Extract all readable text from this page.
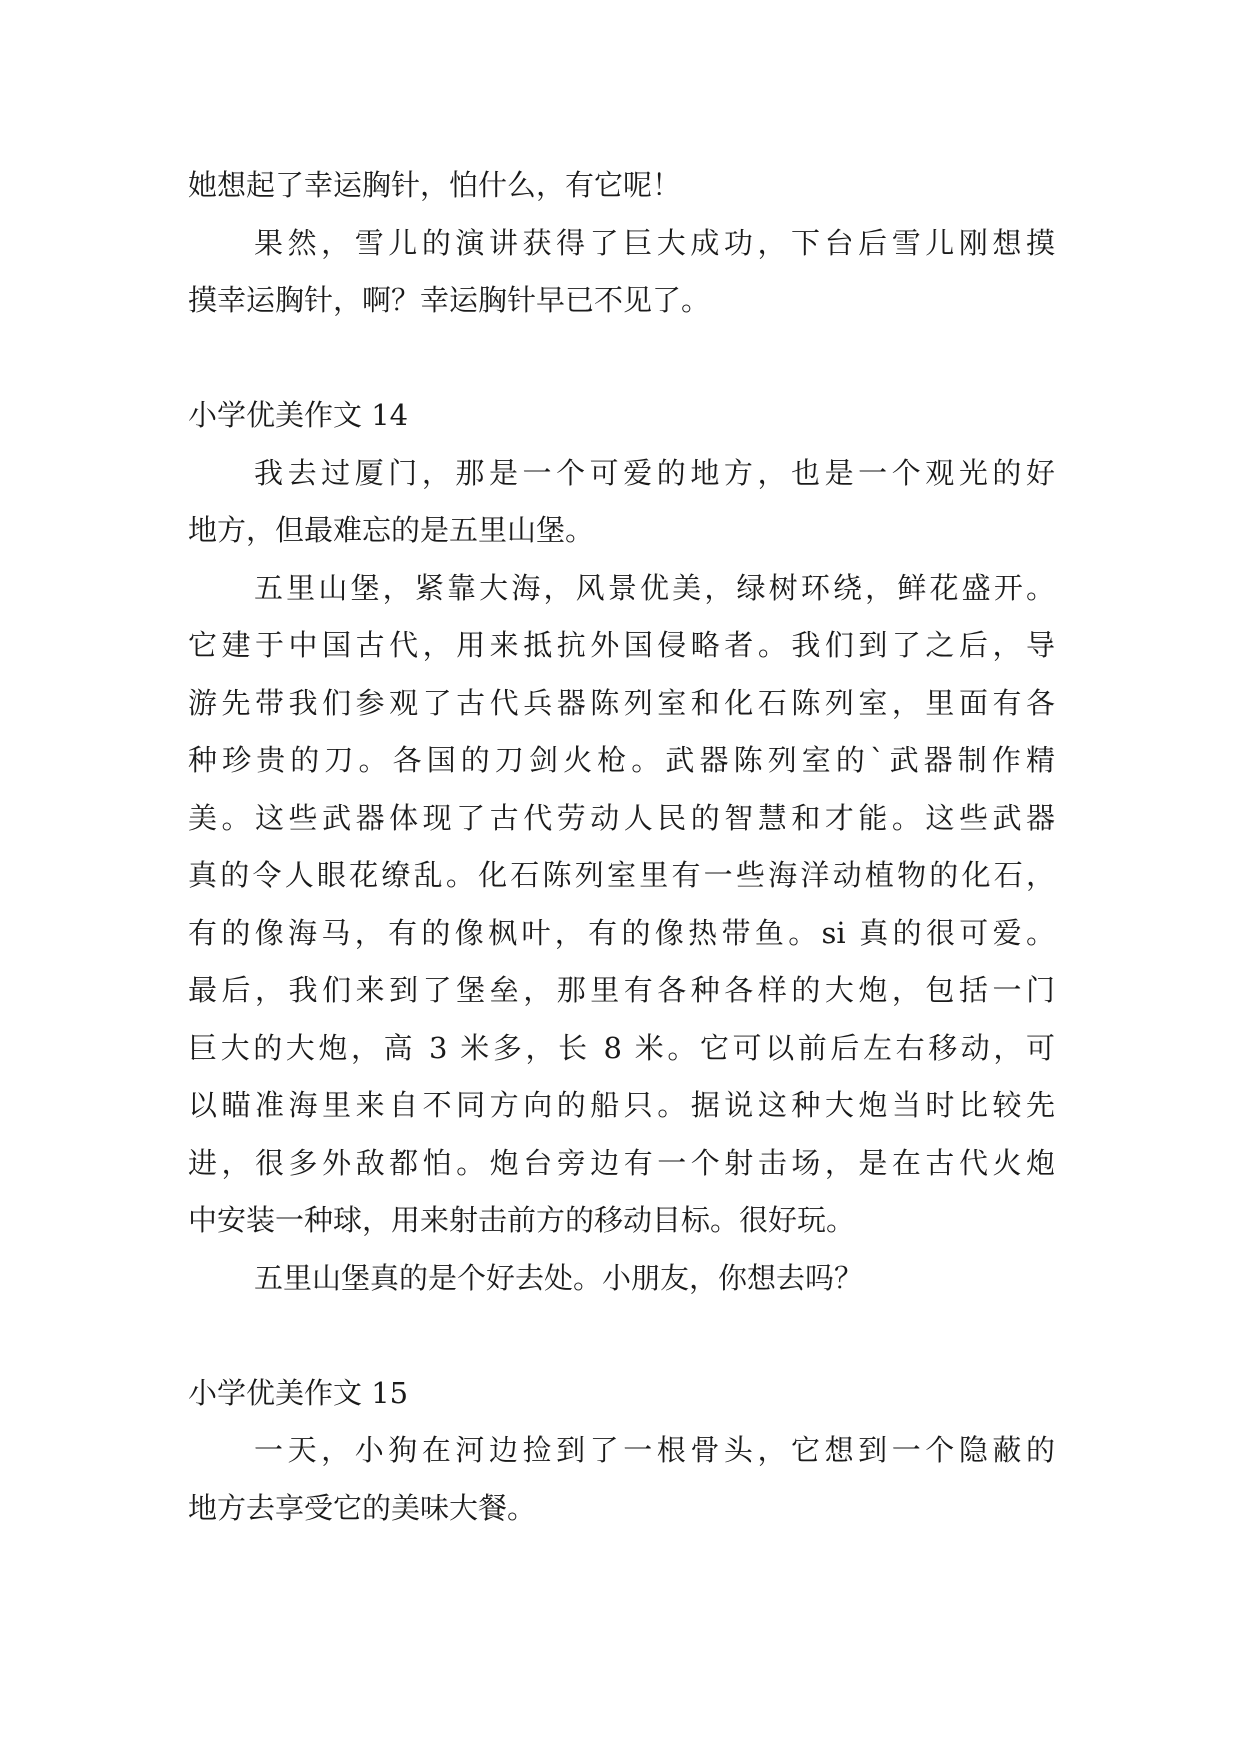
她想起了幸运胸针，怕什么，有它呢！
果然，雪儿的演讲获得了巨大成功，下台后雪儿刚想摸
摸幸运胸针，啊？幸运胸针早已不见了。
小学优美作文 14
我去过厦门，那是一个可爱的地方，也是一个观光的好
地方，但最难忘的是五里山堡。
五里山堡，紧靠大海，风景优美，绿树环绕，鲜花盛开。
它建于中国古代，用来抵抗外国侵略者。我们到了之后，导
游先带我们参观了古代兵器陈列室和化石陈列室，里面有各
种珍贵的刀。各国的刀剑火枪。武器陈列室的`武器制作精
美。这些武器体现了古代劳动人民的智慧和才能。这些武器
真的令人眼花缭乱。化石陈列室里有一些海洋动植物的化石，
有的像海马，有的像枫叶，有的像热带鱼。si 真的很可爱。
最后，我们来到了堡垒，那里有各种各样的大炮，包括一门
巨大的大炮，高 3 米多，长 8 米。它可以前后左右移动，可
以瞄准海里来自不同方向的船只。据说这种大炮当时比较先
进，很多外敌都怕。炮台旁边有一个射击场，是在古代火炮
中安装一种球，用来射击前方的移动目标。很好玩。
五里山堡真的是个好去处。小朋友，你想去吗？
小学优美作文 15
一天，小狗在河边捡到了一根骨头，它想到一个隐蔽的
地方去享受它的美味大餐。
